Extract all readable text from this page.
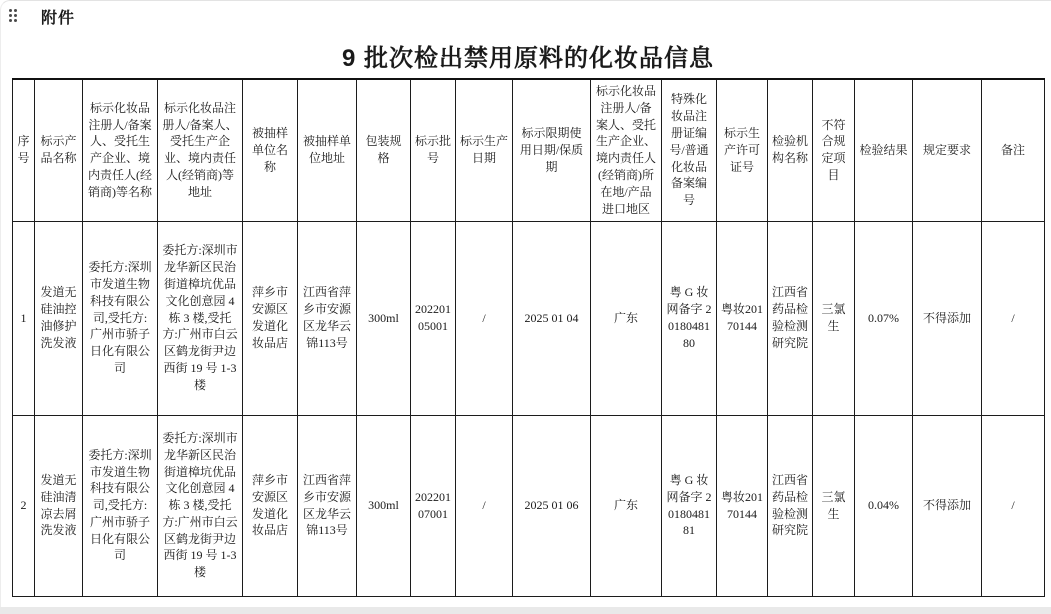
附件
9 批次检出禁用原料的化妆品信息
序号	标示产品名称	标示化妆品注册人/备案人、受托生产企业、境内责任人(经销商)等名称	标示化妆品注册人/备案人、受托生产企业、境内责任人(经销商)等地址	被抽样单位名称	被抽样单位地址	包装规格	标示批号	标示生产日期	标示限期使用日期/保质期	标示化妆品注册人/备案人、受托生产企业、境内责任人(经销商)所在地/产品进口地区	特殊化妆品注册证编号/普通化妆品备案编号	标示生产许可证号	检验机构名称	不符合规定项目	检验结果	规定要求	备注
1	发道无硅油控油修护洗发液	委托方:深圳市发道生物科技有限公司,受托方:广州市骄子日化有限公司	委托方:深圳市龙华新区民治街道樟坑优品文化创意园 4 栋 3 楼,受托方:广州市白云区鹤龙街尹边西街 19 号 1-3 楼	萍乡市安源区发道化妆品店	江西省萍乡市安源区龙华云锦113号	300ml	20220105001	/	2025 01 04	广东	粤 G 妆网备字 2018048180	粤妆20170144	江西省药品检验检测研究院	三氯生	0.07%	不得添加	/
2	发道无硅油清凉去屑洗发液	委托方:深圳市发道生物科技有限公司,受托方:广州市骄子日化有限公司	委托方:深圳市龙华新区民治街道樟坑优品文化创意园 4 栋 3 楼,受托方:广州市白云区鹤龙街尹边西街 19 号 1-3 楼	萍乡市安源区发道化妆品店	江西省萍乡市安源区龙华云锦113号	300ml	20220107001	/	2025 01 06	广东	粤 G 妆网备字 2018048181	粤妆20170144	江西省药品检验检测研究院	三氯生	0.04%	不得添加	/
